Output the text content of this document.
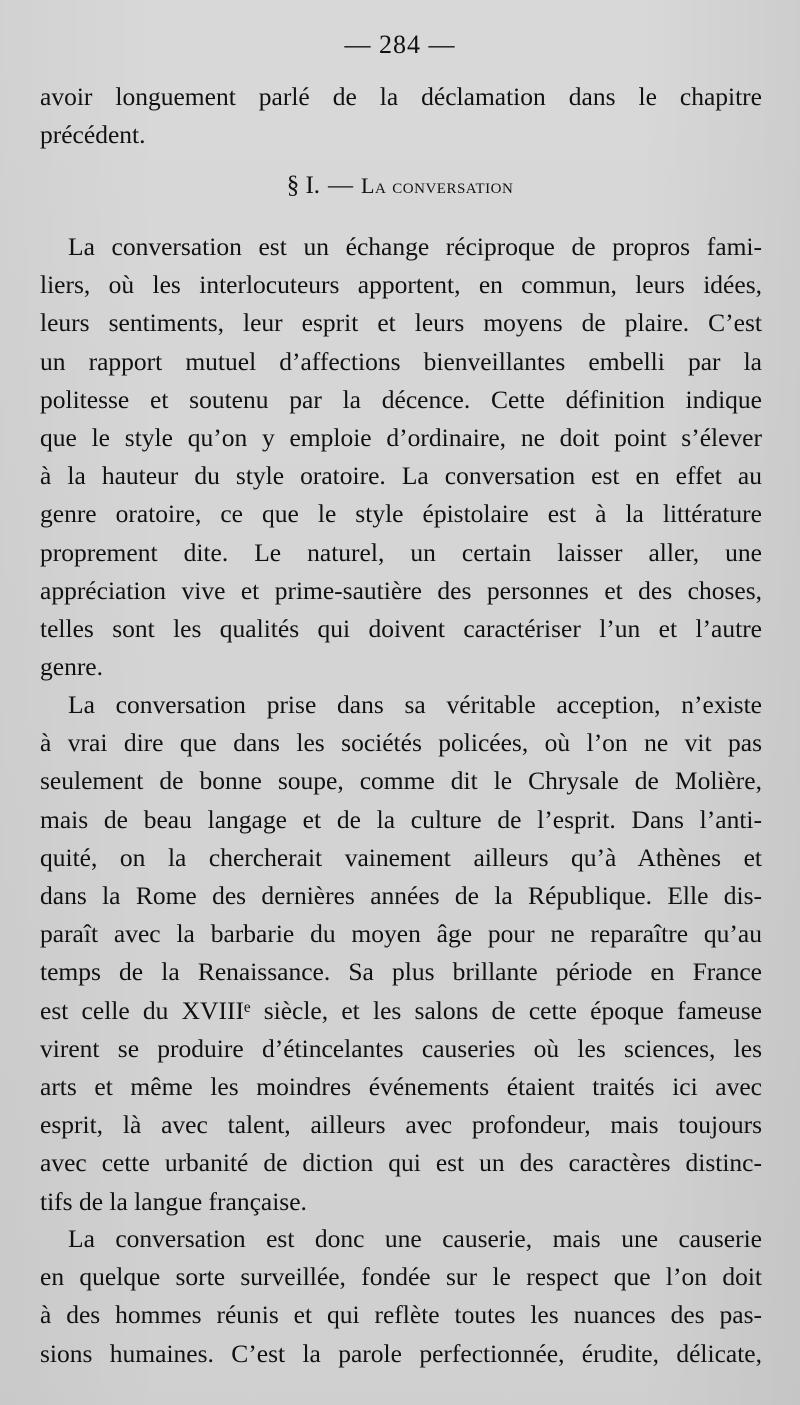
— 284 —
avoir longuement parlé de la déclamation dans le chapitre
précédent.
§ I. — La conversation
La conversation est un échange réciproque de propros fami-
liers, où les interlocuteurs apportent, en commun, leurs idées,
leurs sentiments, leur esprit et leurs moyens de plaire. C’est
un rapport mutuel d’affections bienveillantes embelli par la
politesse et soutenu par la décence. Cette définition indique
que le style qu’on y emploie d’ordinaire, ne doit point s’élever
à la hauteur du style oratoire. La conversation est en effet au
genre oratoire, ce que le style épistolaire est à la littérature
proprement dite. Le naturel, un certain laisser aller, une
appréciation vive et prime-sautière des personnes et des choses,
telles sont les qualités qui doivent caractériser l’un et l’autre
genre.
La conversation prise dans sa véritable acception, n’existe
à vrai dire que dans les sociétés policées, où l’on ne vit pas
seulement de bonne soupe, comme dit le Chrysale de Molière,
mais de beau langage et de la culture de l’esprit. Dans l’anti-
quité, on la chercherait vainement ailleurs qu’à Athènes et
dans la Rome des dernières années de la République. Elle dis-
paraît avec la barbarie du moyen âge pour ne reparaître qu’au
temps de la Renaissance. Sa plus brillante période en France
est celle du XVIIIᵉ siècle, et les salons de cette époque fameuse
virent se produire d’étincelantes causeries où les sciences, les
arts et même les moindres événements étaient traités ici avec
esprit, là avec talent, ailleurs avec profondeur, mais toujours
avec cette urbanité de diction qui est un des caractères distinc-
tifs de la langue française.
La conversation est donc une causerie, mais une causerie
en quelque sorte surveillée, fondée sur le respect que l’on doit
à des hommes réunis et qui reflète toutes les nuances des pas-
sions humaines. C’est la parole perfectionnée, érudite, délicate,
